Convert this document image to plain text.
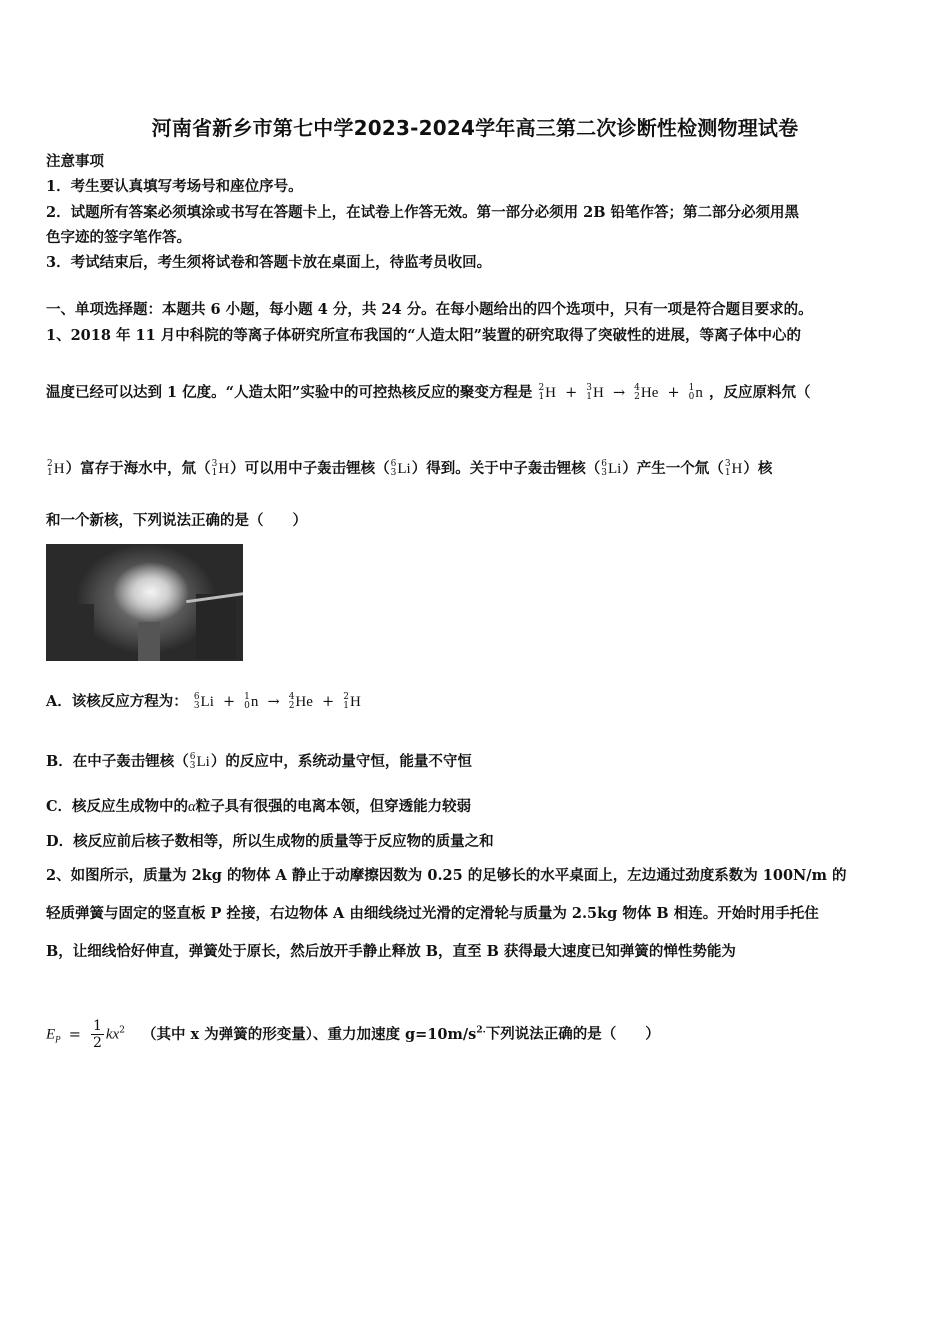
河南省新乡市第七中学2023-2024学年高三第二次诊断性检测物理试卷
注意事项
1．考生要认真填写考场号和座位序号。
2．试题所有答案必须填涂或书写在答题卡上，在试卷上作答无效。第一部分必须用 2B 铅笔作答；第二部分必须用黑
色字迹的签字笔作答。
3．考试结束后，考生须将试卷和答题卡放在桌面上，待监考员收回。
一、单项选择题：本题共 6 小题，每小题 4 分，共 24 分。在每小题给出的四个选项中，只有一项是符合题目要求的。
1、2018 年 11 月中科院的等离子体研究所宣布我国的“人造太阳”装置的研究取得了突破性的进展，等离子体中心的
温度已经可以达到 1 亿度。“人造太阳”实验中的可控热核反应的聚变方程是 2
1 H + 3
1 H → 4
2 He + 1
0 n ，反应原料氘（
2
1 H）富存于海水中，氚（ 3
1 H）可以用中子轰击锂核（ 6
3 Li）得到。关于中子轰击锂核（ 6
3 Li）产生一个氚（ 3
1 H）核
和一个新核，下列说法正确的是（　　）
A．该核反应方程为： 6
3 Li + 1
0 n → 4
2 He + 2
1 H
B．在中子轰击锂核（ 6
3 Li）的反应中，系统动量守恒，能量不守恒
C．核反应生成物中的α粒子具有很强的电离本领，但穿透能力较弱
D．核反应前后核子数相等，所以生成物的质量等于反应物的质量之和
2、如图所示，质量为 2kg 的物体 A 静止于动摩擦因数为 0.25 的足够长的水平桌面上，左边通过劲度系数为 100N/m 的
轻质弹簧与固定的竖直板 P 拴接，右边物体 A 由细线绕过光滑的定滑轮与质量为 2.5kg 物体 B 相连。开始时用手托住
B，让细线恰好伸直，弹簧处于原长，然后放开手静止释放 B，直至 B 获得最大速度已知弹簧的惮性势能为
$E_P = \frac{1}{2} kx^2$ （其中 x 为弹簧的形变量）、重力加速度 $g=10m/s^{2.}$下列说法正确的是（　　）
